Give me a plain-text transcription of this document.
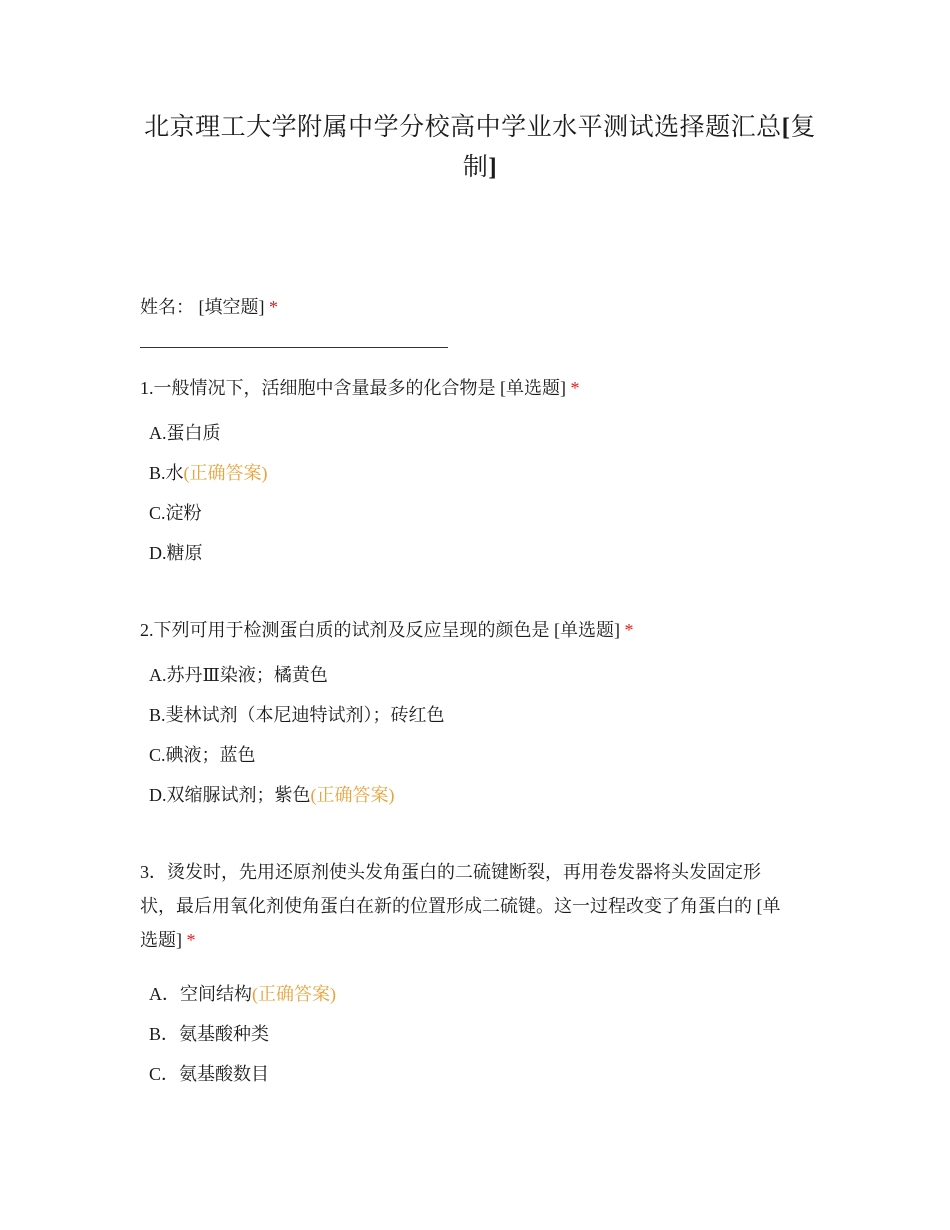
北京理工大学附属中学分校高中学业水平测试选择题汇总[复
制]
姓名： [填空题] *
1.一般情况下，活细胞中含量最多的化合物是 [单选题] *
A.蛋白质
B.水(正确答案)
C.淀粉
D.糖原
2.下列可用于检测蛋白质的试剂及反应呈现的颜色是 [单选题] *
A.苏丹Ⅲ染液；橘黄色
B.斐林试剂（本尼迪特试剂）；砖红色
C.碘液；蓝色
D.双缩脲试剂；紫色(正确答案)
3．烫发时，先用还原剂使头发角蛋白的二硫键断裂，再用卷发器将头发固定形
状，最后用氧化剂使角蛋白在新的位置形成二硫键。这一过程改变了角蛋白的 [单
选题] *
A．空间结构(正确答案)
B．氨基酸种类
C．氨基酸数目
